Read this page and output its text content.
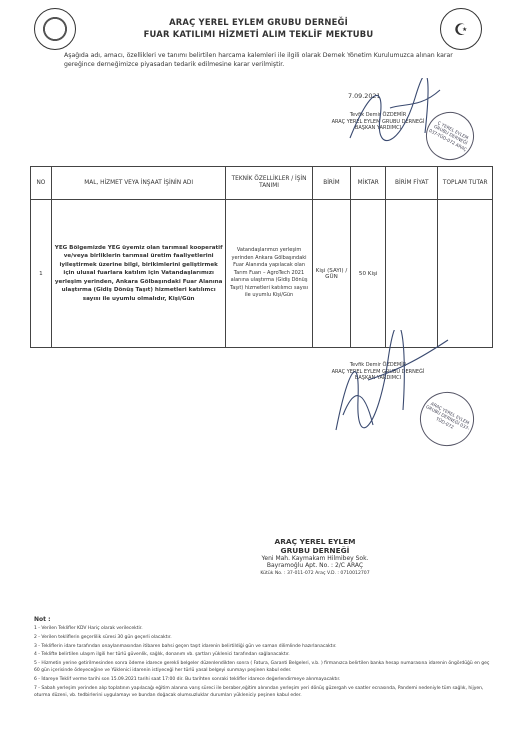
☪
ARAÇ YEREL EYLEM GRUBU DERNEĞİ
FUAR KATILIMI HİZMETİ ALIM TEKLİF MEKTUBU
Aşağıda adı, amacı, özellikleri ve tanımı belirtilen harcama kalemleri ile ilgili olarak Dernek Yönetim Kurulumuzca alınan karar gereğince derneğimizce piyasadan tedarik edilmesine karar verilmiştir.
7.09.2021
Tevfik Demir ÖZDEMİR
ARAÇ YEREL EYLEM GRUBU DERNEĞİ
BAŞKAN YARDIMCI	Ç YEREL EYLEM GRUBU DERNEĞİ 037-TÜD-072 ARAÇ
NO	MAL, HİZMET VEYA İNŞAAT İŞİNİN ADI	TEKNİK ÖZELLİKLER / İŞİN TANIMI	BİRİM	MİKTAR	BİRİM FİYAT	TOPLAM TUTAR
1	YEG Bölgemizde YEG üyemiz olan tarımsal kooperatif ve/veya birliklerin tarımsal üretim faaliyetlerini iyileştirmek üzerine bilgi, birikimlerini geliştirmek için ulusal fuarlara katılım için Vatandaşlarımızı yerleşim yerinden, Ankara Gölbaşındaki Fuar Alanına ulaştırma (Gidiş Dönüş Taşıt) hizmetleri katılımcı sayısı ile uyumlu olmalıdır, Kişi/Gün	Vatandaşlarımızı yerleşim yerinden Ankara Gölbaşındaki Fuar Alanında yapılacak olan Tarım Fuarı – AgroTech 2021 alanına ulaştırma (Gidiş Dönüş Taşıt) hizmetleri katılımcı sayısı ile uyumlu Kişi/Gün	Kişi (SAYI) / GÜN	50 Kişi		
Tevfik Demir ÖZDEMİR
ARAÇ YEREL EYLEM GRUBU DERNEĞİ
BAŞKAN YARDIMCI
ARAÇ YEREL EYLEM GRUBU DERNEĞİ 037-TÜD-072
ARAÇ YEREL EYLEM
GRUBU DERNEĞİ
Yeni Mah. Kaymakam Hilmibey Sok.
Bayramoğlu Apt. No. : 2/C ARAÇ
Kütük No. : 37-011-072 Araç V.D. : 0710012707
Not :

1 - Verilen Teklifler KDV Hariç olarak verilecektir.

2 - Verilen tekliflerin geçerlilik süresi 30 gün geçerli olacaktır.

3 - Tekliflerin idare tarafından onaylanmasından itibaren bahsi geçen taşıt idarenin belirtildiği gün ve saman dilimlinde hazırlanacaktır.

4 - Teklifte belirtilen ulaşım ilgili her türlü güvenlik, sağlık, donanım vb. şartları yüklenici tarafından sağlanacaktır.

5 - Hizmetin yerine getirilmesinden sonra ödeme idarece gerekli belgeler düzenlendikten sonra ( Fatura, Garanti Belgeleri, v.b. ) firmanızca belirtilen banka hesap numarasına idarenin öngördüğü en geç 60 gün içerisinde ödeyeceğine ve Yüklenici idarenin istiyeceği her türlü yasal belgeyi sunmayı peşinen kabul eder.

6 - İdareye Teklif verme tarihi son 15.09.2021 tarihi saat 17:00 dir. Bu tarihten sonraki teklifler idarece değerlendirmeye alınmayacaktır.

7 - Sabah yerleşim yerinden alıp toplatının yapılacağı eğitim alanına varış süreci ile beraber,eğitim alınından yerleşim yeri dönüş güzergah ve saatler ecnasında, Pandemi nedeniyle tüm sağlık, hijyen, oturma düzeni, vb. tedbirlerini uygulamayı ve bundan doğacak olumsuzluklar durumları yükleniciy peşinen kabul eder.
